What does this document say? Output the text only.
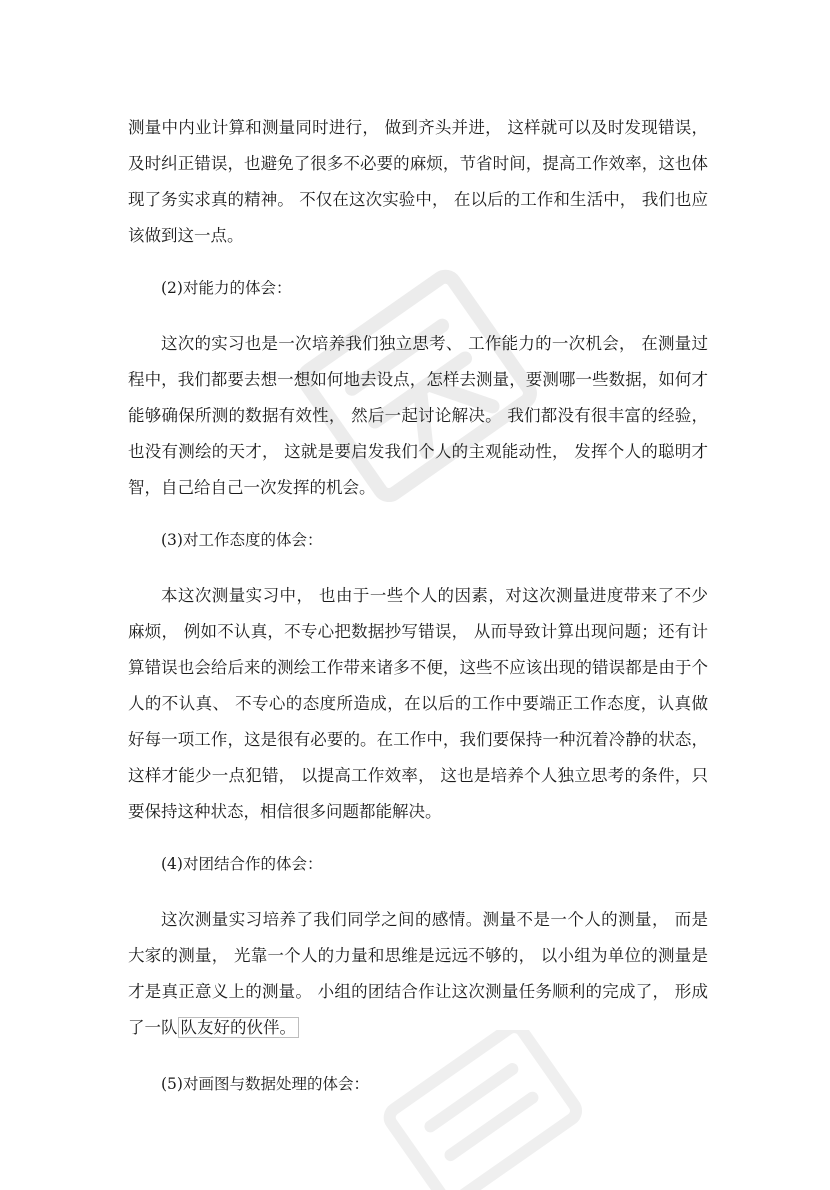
测量中内业计算和测量同时进行， 做到齐头并进， 这样就可以及时发现错误， 及时纠正错误，也避免了很多不必要的麻烦，节省时间，提高工作效率，这也体现了务实求真的精神。 不仅在这次实验中， 在以后的工作和生活中， 我们也应该做到这一点。

(2)对能力的体会：

这次的实习也是一次培养我们独立思考、 工作能力的一次机会， 在测量过程中，我们都要去想一想如何地去设点，怎样去测量，要测哪一些数据，如何才能够确保所测的数据有效性， 然后一起讨论解决。 我们都没有很丰富的经验， 也没有测绘的天才， 这就是要启发我们个人的主观能动性， 发挥个人的聪明才智，自己给自己一次发挥的机会。

(3)对工作态度的体会：

本这次测量实习中， 也由于一些个人的因素，对这次测量进度带来了不少麻烦， 例如不认真，不专心把数据抄写错误， 从而导致计算出现问题；还有计算错误也会给后来的测绘工作带来诸多不便，这些不应该出现的错误都是由于个人的不认真、 不专心的态度所造成，在以后的工作中要端正工作态度，认真做好每一项工作，这是很有必要的。在工作中，我们要保持一种沉着冷静的状态，这样才能少一点犯错， 以提高工作效率， 这也是培养个人独立思考的条件，只要保持这种状态，相信很多问题都能解决。

(4)对团结合作的体会：

这次测量实习培养了我们同学之间的感情。测量不是一个人的测量， 而是大家的测量， 光靠一个人的力量和思维是远远不够的， 以小组为单位的测量是才是真正意义上的测量。 小组的团结合作让这次测量任务顺利的完成了， 形成了一队 队友好的伙伴。

(5)对画图与数据处理的体会：
